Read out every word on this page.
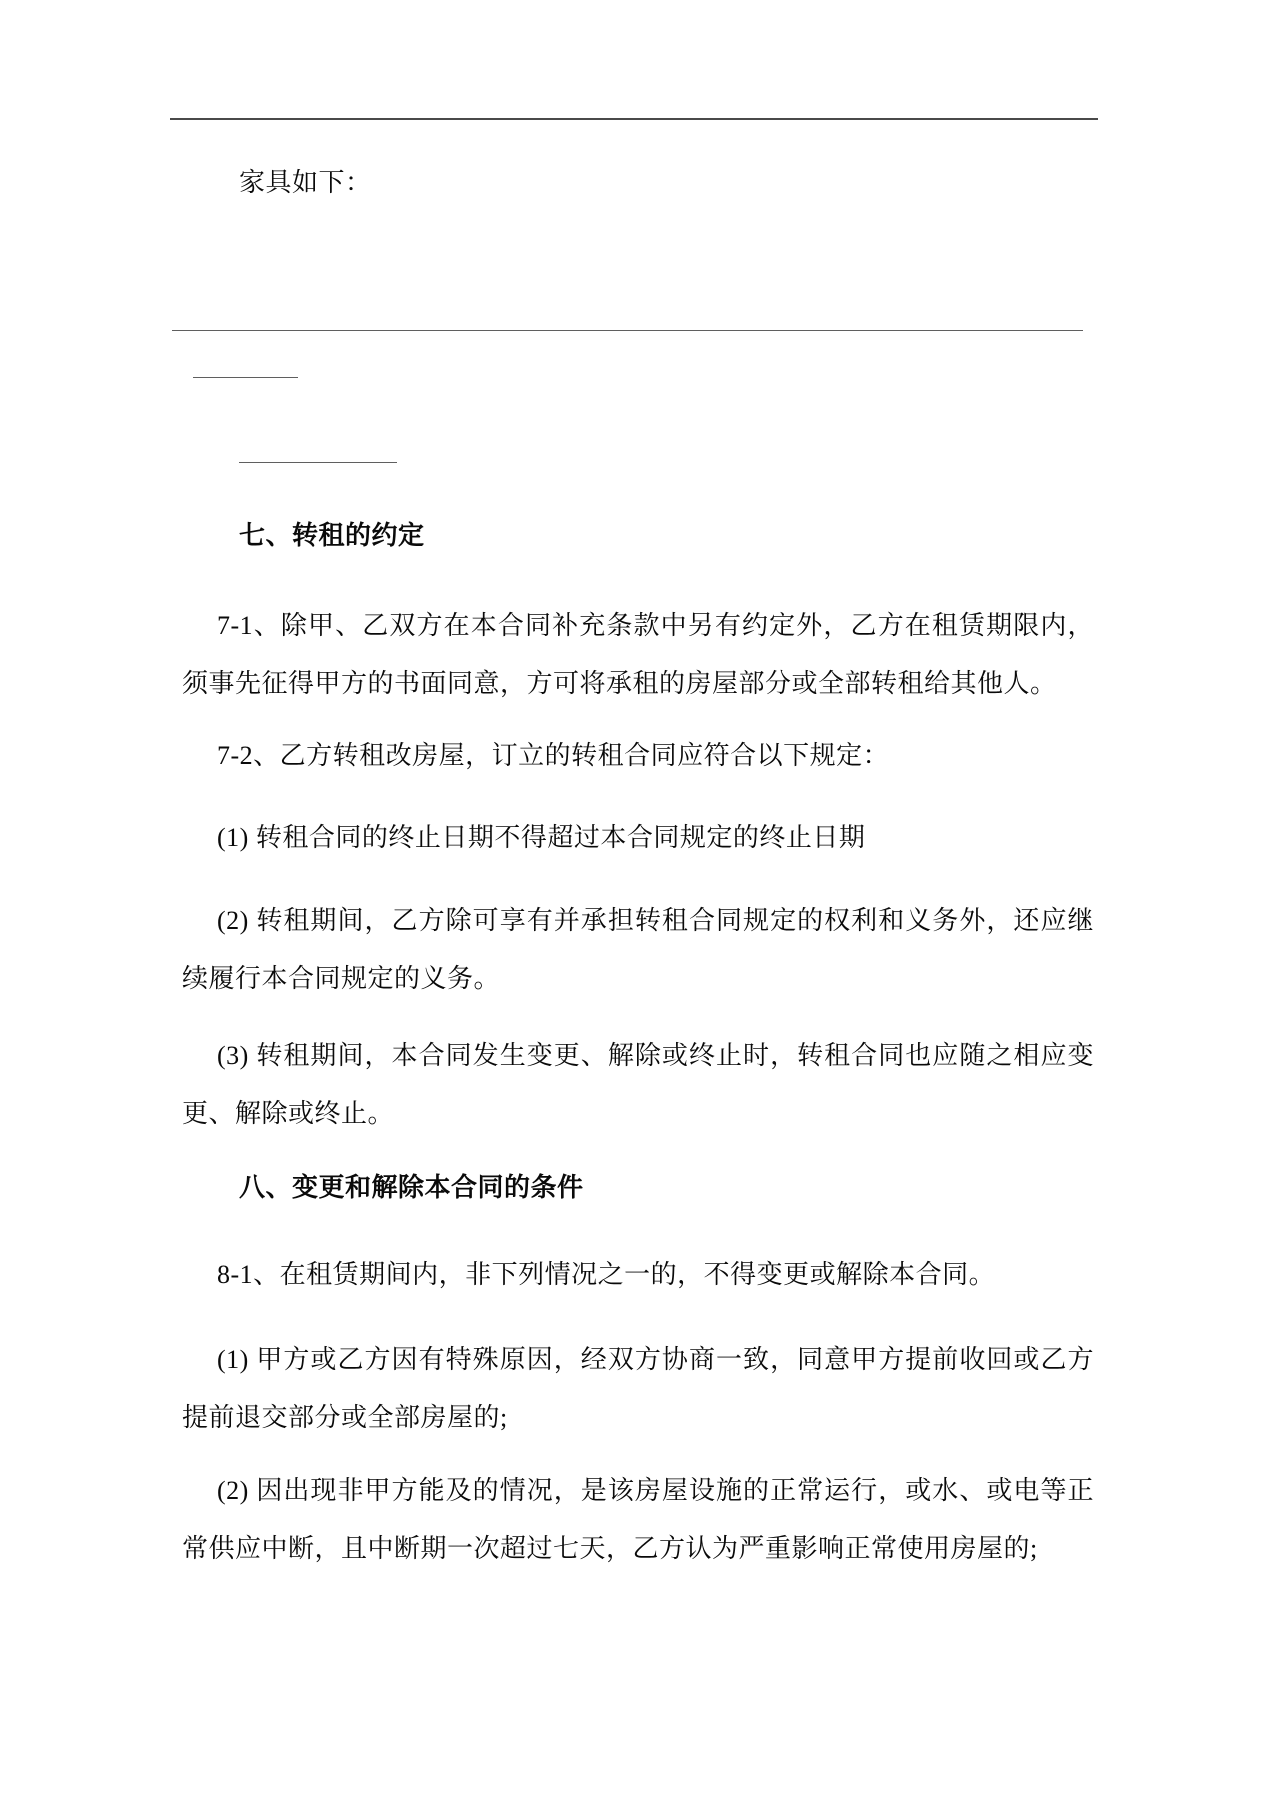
家具如下：
七、转租的约定
7-1、除甲、乙双方在本合同补充条款中另有约定外，乙方在租赁期限内，
须事先征得甲方的书面同意，方可将承租的房屋部分或全部转租给其他人。
7-2、乙方转租改房屋，订立的转租合同应符合以下规定：
(1) 转租合同的终止日期不得超过本合同规定的终止日期
(2) 转租期间，乙方除可享有并承担转租合同规定的权利和义务外，还应继
续履行本合同规定的义务。
(3) 转租期间，本合同发生变更、解除或终止时，转租合同也应随之相应变
更、解除或终止。
八、变更和解除本合同的条件
8-1、在租赁期间内，非下列情况之一的，不得变更或解除本合同。
(1) 甲方或乙方因有特殊原因，经双方协商一致，同意甲方提前收回或乙方
提前退交部分或全部房屋的;
(2) 因出现非甲方能及的情况，是该房屋设施的正常运行，或水、或电等正
常供应中断，且中断期一次超过七天，乙方认为严重影响正常使用房屋的;
